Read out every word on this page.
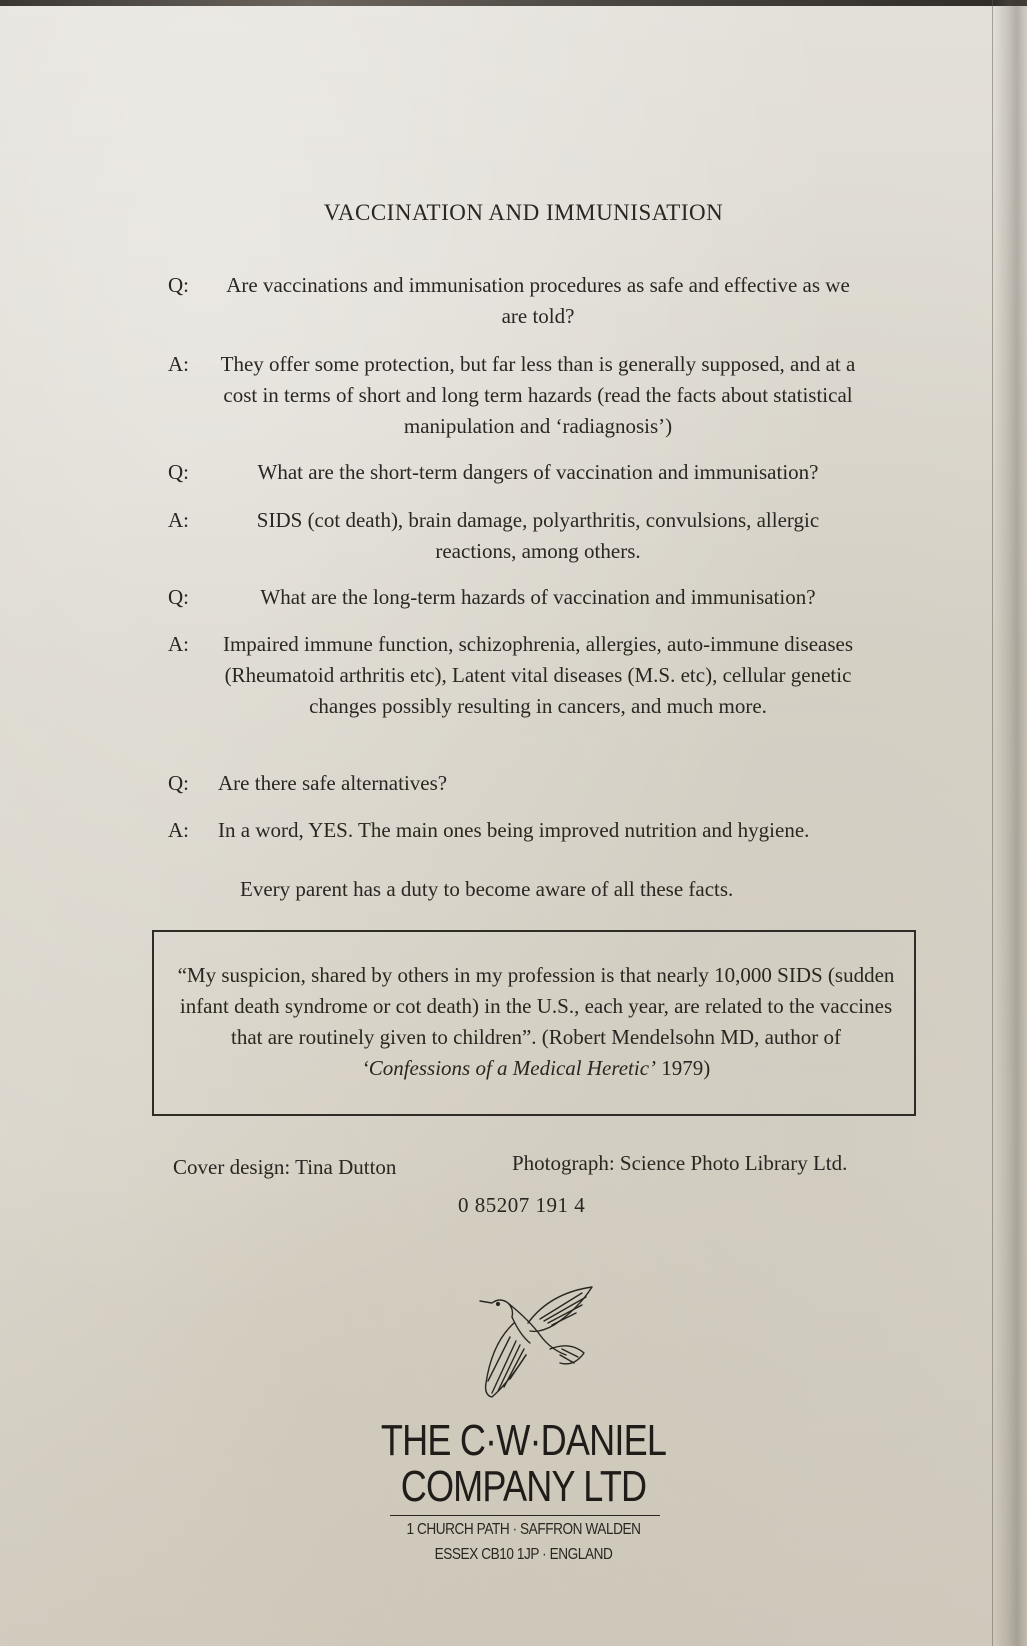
VACCINATION AND IMMUNISATION
Q:	Are vaccinations and immunisation procedures as safe and effective as we are told?
A: They offer some protection, but far less than is generally supposed, and at a cost in terms of short and long term hazards (read the facts about statistical manipulation and ‘radiagnosis’)
Q:	What are the short-term dangers of vaccination and immunisation?
A:	SIDS (cot death), brain damage, polyarthritis, convulsions, allergic reactions, among others.
Q:	What are the long-term hazards of vaccination and immunisation?
A: Impaired immune function, schizophrenia, allergies, auto-immune diseases (Rheumatoid arthritis etc), Latent vital diseases (M.S. etc), cellular genetic changes possibly resulting in cancers, and much more.
Q: Are there safe alternatives?
A: In a word, YES. The main ones being improved nutrition and hygiene.
Every parent has a duty to become aware of all these facts.
“My suspicion, shared by others in my profession is that nearly 10,000 SIDS (sudden infant death syndrome or cot death) in the U.S., each year, are related to the vaccines that are routinely given to children”. (Robert Mendelsohn MD, author of ‘Confessions of a Medical Heretic’ 1979)
Cover design: Tina Dutton	Photograph: Science Photo Library Ltd.
0 85207 191 4
THE C·W·DANIEL
COMPANY LTD
1 CHURCH PATH · SAFFRON WALDEN
ESSEX CB10 1JP · ENGLAND
